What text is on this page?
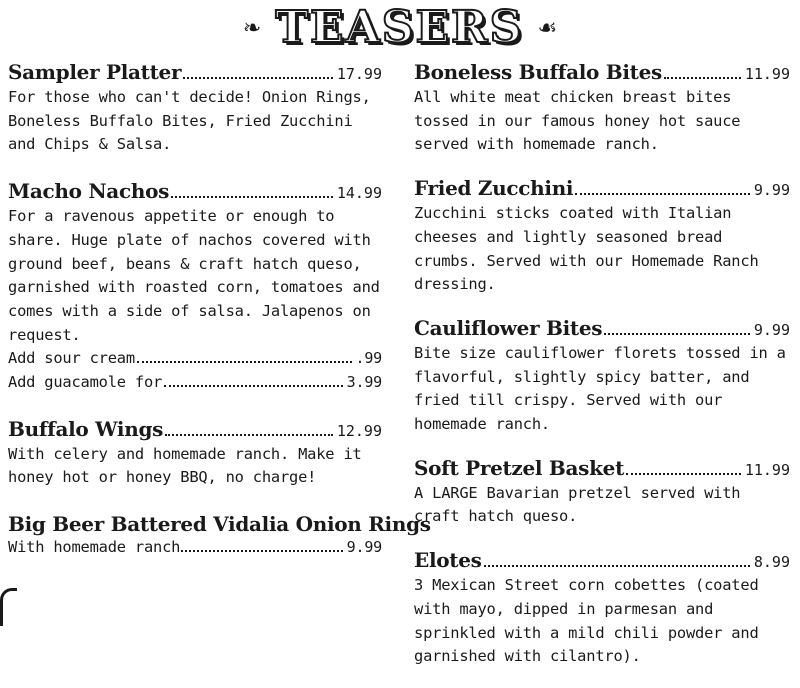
❧ TEASERS ☙
Sampler Platter	17.99

For those who can't decide! Onion Rings, Boneless Buffalo Bites, Fried Zucchini and Chips & Salsa.

Macho Nachos	14.99

For a ravenous appetite or enough to share. Huge plate of nachos covered with ground beef, beans & craft hatch queso, garnished with roasted corn, tomatoes and comes with a side of salsa. Jalapenos on request.

Add sour cream	.99
Add guacamole for	3.99
Buffalo Wings	12.99

With celery and homemade ranch. Make it honey hot or honey BBQ, no charge!

Big Beer Battered Vidalia Onion Rings
With homemade ranch	9.99
Boneless Buffalo Bites	11.99

All white meat chicken breast bites tossed in our famous honey hot sauce served with homemade ranch.

Fried Zucchini	9.99

Zucchini sticks coated with Italian cheeses and lightly seasoned bread crumbs. Served with our Homemade Ranch dressing.

Cauliflower Bites	9.99

Bite size cauliflower florets tossed in a flavorful, slightly spicy batter, and fried till crispy. Served with our homemade ranch.

Soft Pretzel Basket	11.99

A LARGE Bavarian pretzel served with craft hatch queso.

Elotes	8.99

3 Mexican Street corn cobettes (coated with mayo, dipped in parmesan and sprinkled with a mild chili powder and garnished with cilantro).
